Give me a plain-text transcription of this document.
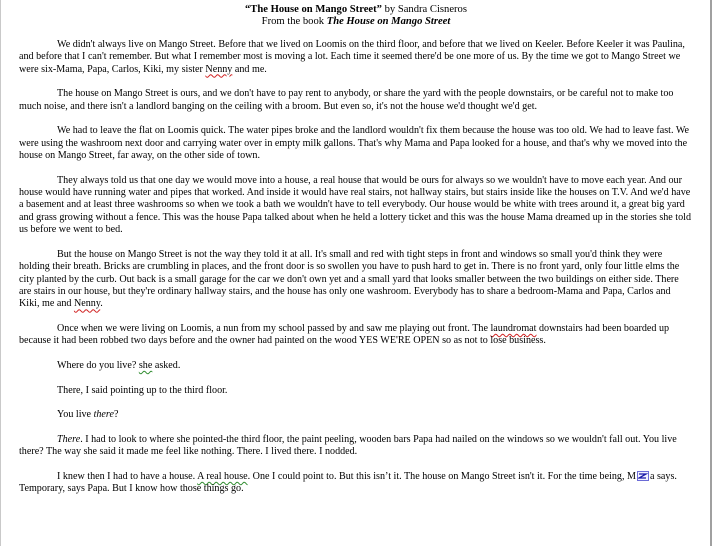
“The House on Mango Street” by Sandra Cisneros
From the book The House on Mango Street

We didn't always live on Mango Street. Before that we lived on Loomis on the third floor, and before that we lived on Keeler. Before Keeler it was Paulina, and before that I can't remember. But what I remember most is moving a lot. Each time it seemed there'd be one more of us. By the time we got to Mango Street we were six-Mama, Papa, Carlos, Kiki, my sister Nenny and me.

The house on Mango Street is ours, and we don't have to pay rent to anybody, or share the yard with the people downstairs, or be careful not to make too much noise, and there isn't a landlord banging on the ceiling with a broom. But even so, it's not the house we'd thought we'd get.

We had to leave the flat on Loomis quick. The water pipes broke and the landlord wouldn't fix them because the house was too old. We had to leave fast. We were using the washroom next door and carrying water over in empty milk gallons. That's why Mama and Papa looked for a house, and that's why we moved into the house on Mango Street, far away, on the other side of town.

They always told us that one day we would move into a house, a real house that would be ours for always so we wouldn't have to move each year. And our house would have running water and pipes that worked. And inside it would have real stairs, not hallway stairs, but stairs inside like the houses on T.V. And we'd have a basement and at least three washrooms so when we took a bath we wouldn't have to tell everybody. Our house would be white with trees around it, a great big yard and grass growing without a fence. This was the house Papa talked about when he held a lottery ticket and this was the house Mama dreamed up in the stories she told us before we went to bed.

But the house on Mango Street is not the way they told it at all. It's small and red with tight steps in front and windows so small you'd think they were holding their breath. Bricks are crumbling in places, and the front door is so swollen you have to push hard to get in. There is no front yard, only four little elms the city planted by the curb. Out back is a small garage for the car we don't own yet and a small yard that looks smaller between the two buildings on either side. There are stairs in our house, but they're ordinary hallway stairs, and the house has only one washroom. Everybody has to share a bedroom-Mama and Papa, Carlos and Kiki, me and Nenny.

Once when we were living on Loomis, a nun from my school passed by and saw me playing out front. The laundromat downstairs had been boarded up because it had been robbed two days before and the owner had painted on the wood YES WE'RE OPEN so as not to lose business.

Where do you live? she asked.

There, I said pointing up to the third floor.

You live there?

There. I had to look to where she pointed-the third floor, the paint peeling, wooden bars Papa had nailed on the windows so we wouldn't fall out. You live there? The way she said it made me feel like nothing. There. I lived there. I nodded.

I knew then I had to have a house. A real house. One I could point to. But this isn’t it. The house on Mango Street isn't it. For the time being, M a says. Temporary, says Papa. But I know how those things go.
